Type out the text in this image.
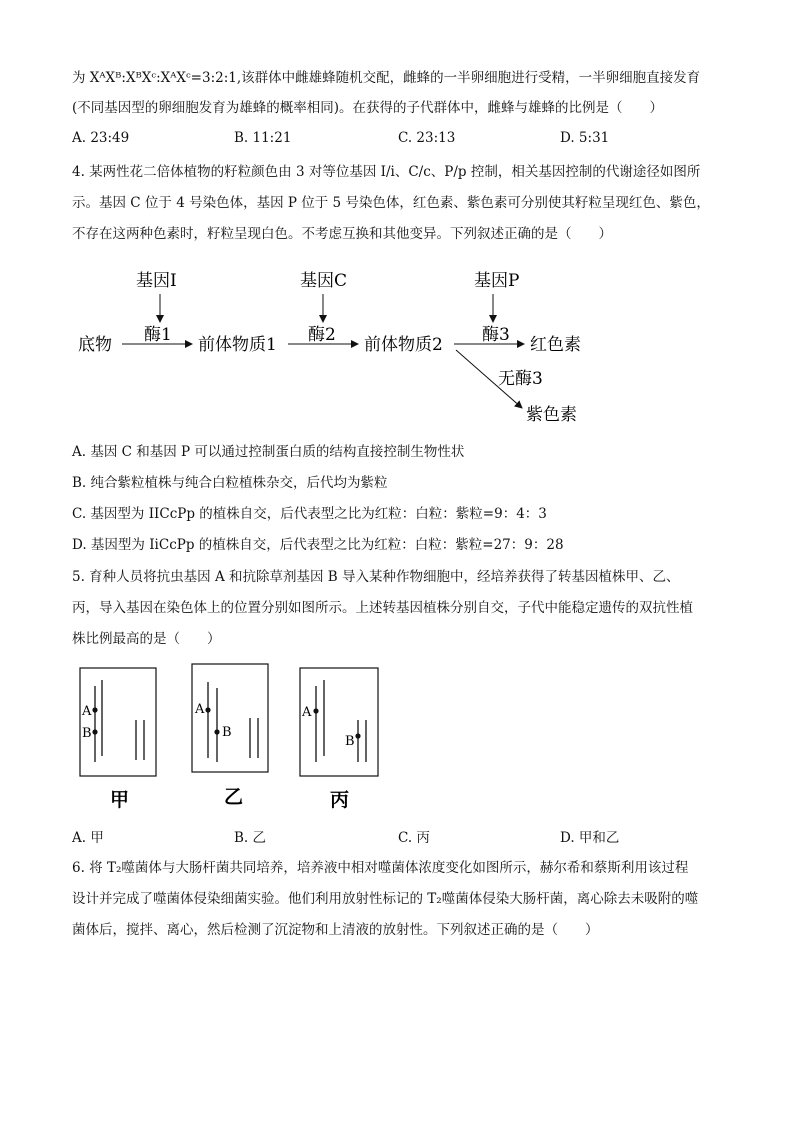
为 XᴬXᴮ:XᴮXᶜ:XᴬXᶜ=3:2:1,该群体中雌雄蜂随机交配，雌蜂的一半卵细胞进行受精，一半卵细胞直接发育
(不同基因型的卵细胞发育为雄蜂的概率相同)。在获得的子代群体中，雌蜂与雄蜂的比例是（　　）
A. 23:49	B. 11:21	C. 23:13	D. 5:31
4. 某两性花二倍体植物的籽粒颜色由 3 对等位基因 I/i、C/c、P/p 控制，相关基因控制的代谢途径如图所
示。基因 C 位于 4 号染色体，基因 P 位于 5 号染色体，红色素、紫色素可分别使其籽粒呈现红色、紫色，
不存在这两种色素时，籽粒呈现白色。不考虑互换和其他变异。下列叙述正确的是（　　）
基因I	基因C	基因P
酶1	酶2	酶3
底物	前体物质1	前体物质2	红色素
无酶3
紫色素
A. 基因 C 和基因 P 可以通过控制蛋白质的结构直接控制生物性状
B. 纯合紫粒植株与纯合白粒植株杂交，后代均为紫粒
C. 基因型为 IICcPp 的植株自交，后代表型之比为红粒：白粒：紫粒=9：4：3
D. 基因型为 IiCcPp 的植株自交，后代表型之比为红粒：白粒：紫粒=27：9：28
5. 育种人员将抗虫基因 A 和抗除草剂基因 B 导入某种作物细胞中，经培养获得了转基因植株甲、乙、
丙，导入基因在染色体上的位置分别如图所示。上述转基因植株分别自交，子代中能稳定遗传的双抗性植
株比例最高的是（　　）
A
B
甲
A
B
乙
A
B
丙
A. 甲	B. 乙	C. 丙	D. 甲和乙
6. 将 T₂噬菌体与大肠杆菌共同培养，培养液中相对噬菌体浓度变化如图所示，赫尔希和蔡斯利用该过程
设计并完成了噬菌体侵染细菌实验。他们利用放射性标记的 T₂噬菌体侵染大肠杆菌，离心除去未吸附的噬
菌体后，搅拌、离心，然后检测了沉淀物和上清液的放射性。下列叙述正确的是（　　）
